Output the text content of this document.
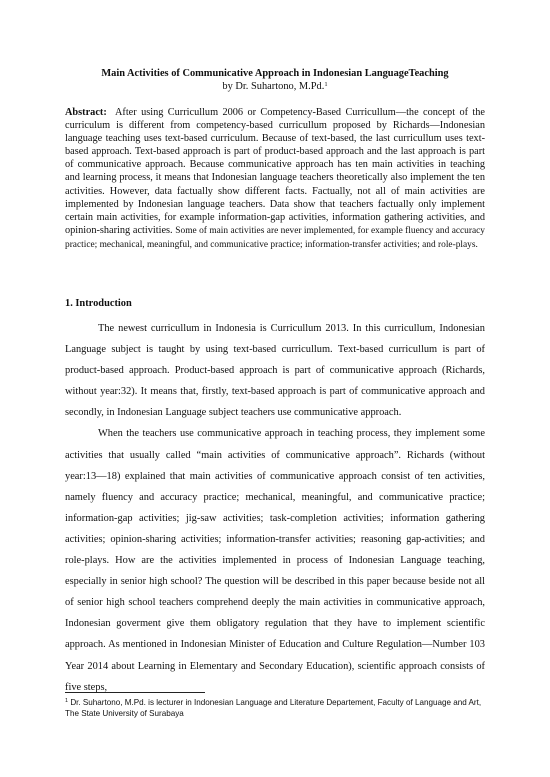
Main Activities of Communicative Approach in Indonesian LanguageTeaching
by Dr. Suhartono, M.Pd.$^1$
Abstract: After using Curricullum 2006 or Competency-Based Curricullum—the concept of the curriculum is different from competency-based curricullum proposed by Richards—Indonesian language teaching uses text-based curriculum. Because of text-based, the last curricullum uses text-based approach. Text-based approach is part of product-based approach and the last approach is part of communicative approach. Because communicative approach has ten main activities in teaching and learning process, it means that Indonesian language teachers theoretically also implement the ten activities. However, data factually show different facts. Factually, not all of main activities are implemented by Indonesian language teachers. Data show that teachers factually only implement certain main activities, for example information-gap activities, information gathering activities, and opinion-sharing activities. Some of main activities are never implemented, for example fluency and accuracy practice; mechanical, meaningful, and communicative practice; information-transfer activities; and role-plays.
1. Introduction

The newest curricullum in Indonesia is Curricullum 2013. In this curricullum, Indonesian Language subject is taught by using text-based curricullum. Text-based curricullum is part of product-based approach. Product-based approach is part of communicative approach (Richards, without year:32). It means that, firstly, text-based approach is part of communicative approach and secondly, in Indonesian Language subject teachers use communicative approach.

When the teachers use communicative approach in teaching process, they implement some activities that usually called “main activities of communicative approach”. Richards (without year:13—18) explained that main activities of communicative approach consist of ten activities, namely fluency and accuracy practice; mechanical, meaningful, and communicative practice; information-gap activities; jig-saw activities; task-completion activities; information gathering activities; opinion-sharing activities; information-transfer activities; reasoning gap-activities; and role-plays. How are the activities implemented in process of Indonesian Language teaching, especially in senior high school? The question will be described in this paper because beside not all of senior high school teachers comprehend deeply the main activities in communicative approach, Indonesian goverment give them obligatory regulation that they have to implement scientific approach. As mentioned in Indonesian Minister of Education and Culture Regulation—Number 103 Year 2014 about Learning in Elementary and Secondary Education), scientific approach consists of five steps,

$^1$ Dr. Suhartono, M.Pd. is lecturer in Indonesian Language and Literature Departement, Faculty of Language and Art, The State University of Surabaya
